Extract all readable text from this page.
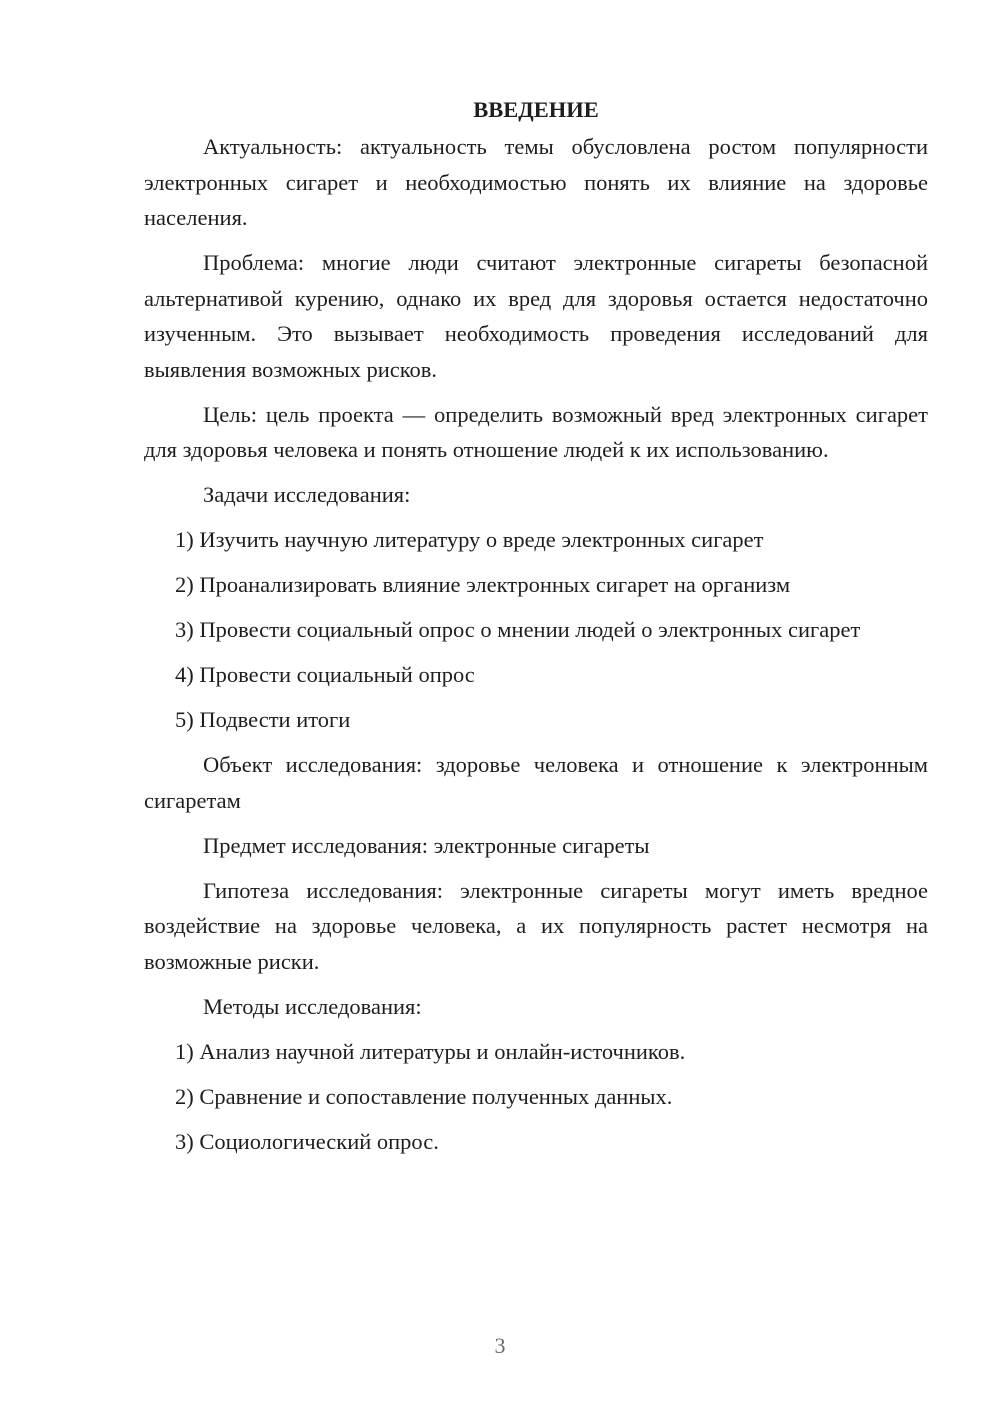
ВВЕДЕНИЕ

Актуальность: актуальность темы обусловлена ростом популярности электронных сигарет и необходимостью понять их влияние на здоровье населения.

Проблема: многие люди считают электронные сигареты безопасной альтернативой курению, однако их вред для здоровья остается недостаточно изученным. Это вызывает необходимость проведения исследований для выявления возможных рисков.

Цель: цель проекта — определить возможный вред электронных сигарет для здоровья человека и понять отношение людей к их использованию.

Задачи исследования:

1) Изучить научную литературу о вреде электронных сигарет

2) Проанализировать влияние электронных сигарет на организм

3) Провести социальный опрос о мнении людей о электронных сигарет

4) Провести социальный опрос

5) Подвести итоги

Объект исследования: здоровье человека и отношение к электронным сигаретам

Предмет исследования: электронные сигареты

Гипотеза исследования: электронные сигареты могут иметь вредное воздействие на здоровье человека, а их популярность растет несмотря на возможные риски.

Методы исследования:

1) Анализ научной литературы и онлайн-источников.

2) Сравнение и сопоставление полученных данных.

3) Социологический опрос.

3
